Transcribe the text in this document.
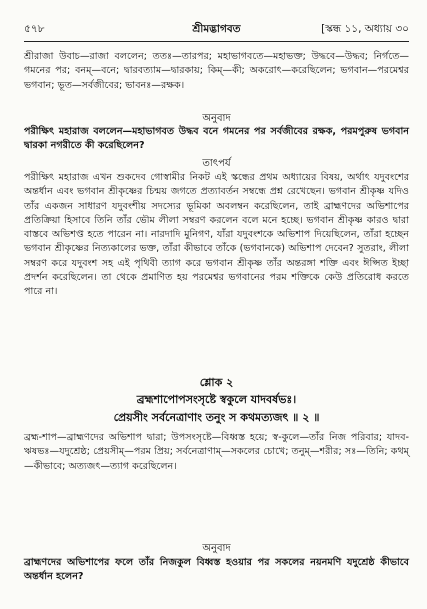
৫৭৮	শ্রীমদ্ভাগবত	[স্কন্ধ ১১, অধ্যায় ৩০
শ্রীরাজা উবাচ—রাজা বললেন; ততঃ—তারপর; মহাভাগবতে—মহাভক্ত; উদ্ধবে—উদ্ধব; নির্গতে—গমনের পর; বনম্—বনে; দ্বারবত্যাম—দ্বারকায়; কিম্—কী; অকরোৎ—করেছিলেন; ভগবান—পরমেশ্বর ভগবান; ভূত—সর্বজীবের; ভাবনঃ—রক্ষক।
অনুবাদ
পরীক্ষিৎ মহারাজ বললেন—মহাভাগবত উদ্ধব বনে গমনের পর সর্বজীবের রক্ষক, পরমপুরুষ ভগবান দ্বারকা নগরীতে কী করেছিলেন?
তাৎপর্য
পরীক্ষিৎ মহারাজ এখন শুকদেব গোস্বামীর নিকট এই স্কন্ধের প্রথম অধ্যায়ের বিষয়, অর্থাৎ যদুবংশের অন্তর্ধান এবং ভগবান শ্রীকৃষ্ণের চিন্ময় জগতে প্রত্যাবর্তন সম্বন্ধে প্রশ্ন রেখেছেন। ভগবান শ্রীকৃষ্ণ যদিও তাঁর একজন সাধারণ যদুবংশীয় সদস্যের ভূমিকা অবলম্বন করেছিলেন, তাই ব্রাহ্মণদের অভিশাপের প্রতিক্রিয়া হিসাবে তিনি তাঁর ভৌম লীলা সম্বরণ করলেন বলে মনে হচ্ছে। ভগবান শ্রীকৃষ্ণ কারও দ্বারা বাস্তবে অভিশপ্ত হতে পারেন না। নারদাদি মুনিগণ, যাঁরা যদুবংশকে অভিশাপ দিয়েছিলেন, তাঁরা হচ্ছেন ভগবান শ্রীকৃষ্ণের নিত্যকালের ভক্ত, তাঁরা কীভাবে তাঁকে (ভগবানকে) অভিশাপ দেবেন? সুতরাং, লীলা সম্বরণ করে যদুবংশ সহ এই পৃথিবী ত্যাগ করে ভগবান শ্রীকৃষ্ণ তাঁর অন্তরঙ্গা শক্তি এবং ঈপ্সিত ইচ্ছা প্রদর্শন করেছিলেন। তা থেকে প্রমাণিত হয় পরমেশ্বর ভগবানের পরম শক্তিকে কেউ প্রতিরোধ করতে পারে না।
শ্লোক ২
ব্রহ্মশাপোপসংসৃষ্টে স্বকুলে যাদবর্ষভঃ।
প্রেয়সীং সর্বনেত্রাণাং তনুং স কথমত্যজৎ ॥ ২ ॥
ব্রহ্ম-শাপ—ব্রাহ্মণদের অভিশাপ দ্বারা; উপসংসৃষ্টে—বিধ্বস্ত হয়ে; স্ব-কুলে—তাঁর নিজ পরিবার; যাদব-ঋষভঃ—যদুশ্রেষ্ঠ; প্রেয়সীম্—পরম প্রিয়; সর্বনেত্রাণাম্—সকলের চোখে; তনুম্—শরীর; সঃ—তিনি; কথম্—কীভাবে; অত্যজৎ—ত্যাগ করেছিলেন।
অনুবাদ
ব্রাহ্মণদের অভিশাপের ফলে তাঁর নিজকুল বিধ্বস্ত হওয়ার পর সকলের নয়নমণি যদুশ্রেষ্ঠ কীভাবে অন্তর্ধান হলেন?
